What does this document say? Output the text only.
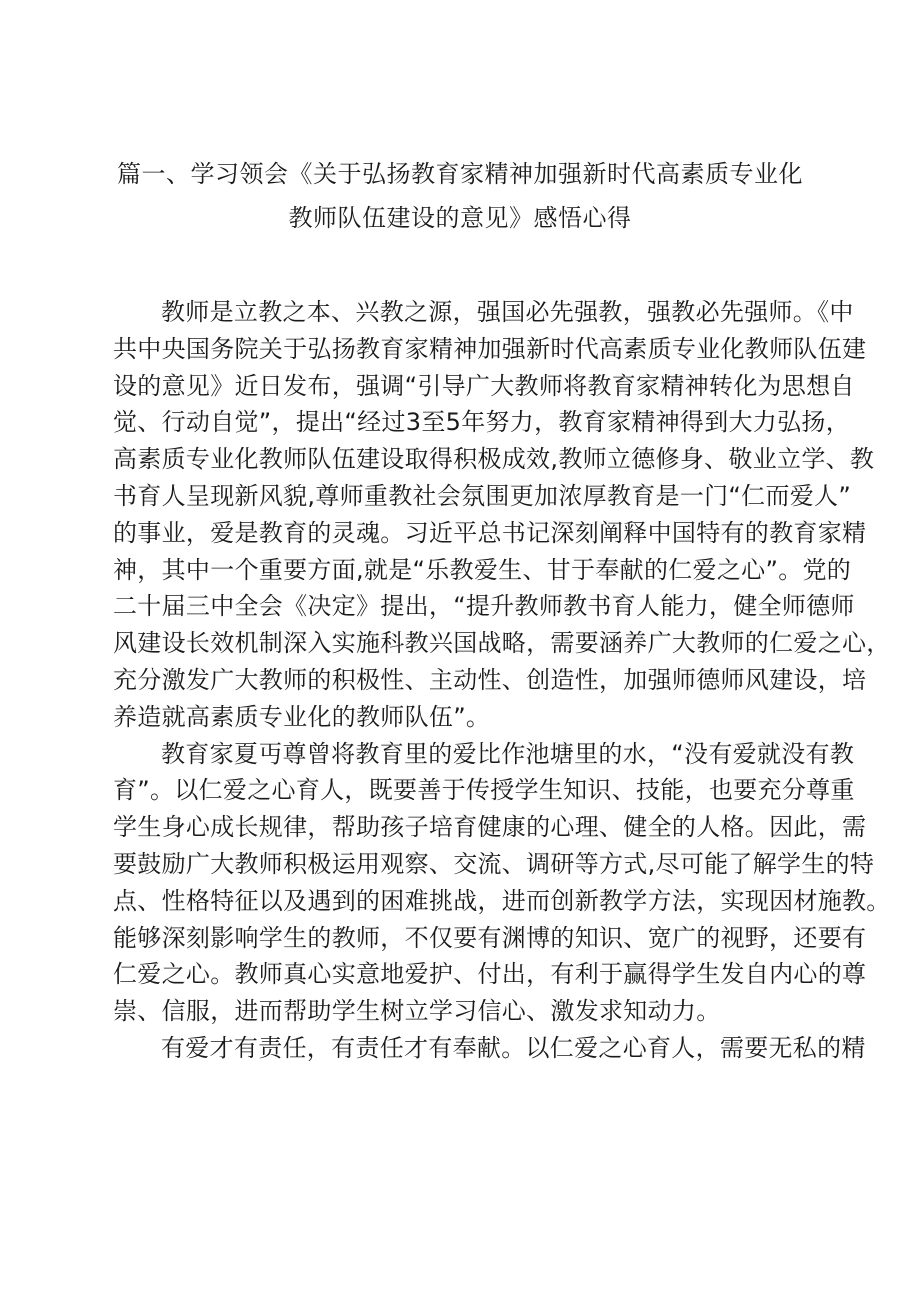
篇一、学习领会《关于弘扬教育家精神加强新时代高素质专业化
教师队伍建设的意见》感悟心得

教师是立教之本、兴教之源，强国必先强教，强教必先强师。《中

共中央国务院关于弘扬教育家精神加强新时代高素质专业化教师队伍建

设的意见》近日发布，强调“引导广大教师将教育家精神转化为思想自

觉、行动自觉”，提出“经过3至5年努力，教育家精神得到大力弘扬，

高素质专业化教师队伍建设取得积极成效,教师立德修身、敬业立学、教

书育人呈现新风貌,尊师重教社会氛围更加浓厚教育是一门“仁而爱人”

的事业，爱是教育的灵魂。习近平总书记深刻阐释中国特有的教育家精

神，其中一个重要方面,就是“乐教爱生、甘于奉献的仁爱之心”。党的

二十届三中全会《决定》提出，“提升教师教书育人能力，健全师德师

风建设长效机制深入实施科教兴国战略，需要涵养广大教师的仁爱之心，

充分激发广大教师的积极性、主动性、创造性，加强师德师风建设，培

养造就高素质专业化的教师队伍”。

教育家夏丏尊曾将教育里的爱比作池塘里的水，“没有爱就没有教

育”。以仁爱之心育人，既要善于传授学生知识、技能，也要充分尊重

学生身心成长规律，帮助孩子培育健康的心理、健全的人格。因此，需

要鼓励广大教师积极运用观察、交流、调研等方式,尽可能了解学生的特

点、性格特征以及遇到的困难挑战，进而创新教学方法，实现因材施教。

能够深刻影响学生的教师，不仅要有渊博的知识、宽广的视野，还要有

仁爱之心。教师真心实意地爱护、付出，有利于赢得学生发自内心的尊

崇、信服，进而帮助学生树立学习信心、激发求知动力。

有爱才有责任，有责任才有奉献。以仁爱之心育人，需要无私的精
